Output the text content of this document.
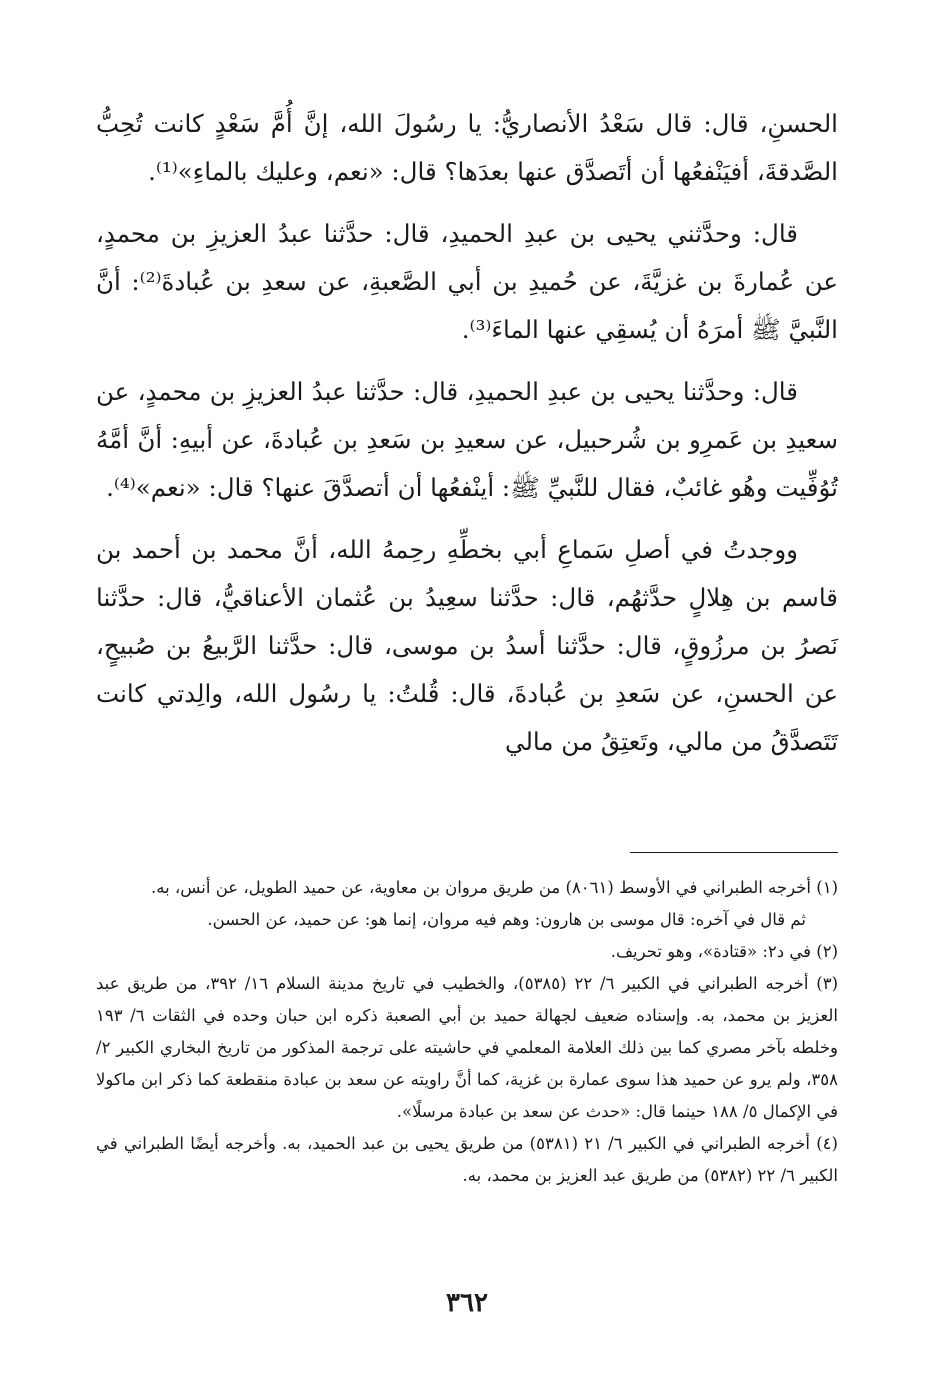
الحسنِ، قال: قال سَعْدُ الأنصاريُّ: يا رسُولَ الله، إنَّ أُمَّ سَعْدٍ كانت تُحِبُّ الصَّدقةَ، أفيَنْفعُها أن أتَصدَّق عنها بعدَها؟ قال: «نعم، وعليك بالماءِ»⁽¹⁾.

قال: وحدَّثني يحيى بن عبدِ الحميدِ، قال: حدَّثنا عبدُ العزيزِ بن محمدٍ، عن عُمارةَ بن غزيَّةَ، عن حُميدِ بن أبي الصَّعبةِ، عن سعدِ بن عُبادةَ⁽²⁾: أنَّ النَّبيَّ ﷺ أمرَهُ أن يُسقِي عنها الماءَ⁽³⁾.

قال: وحدَّثنا يحيى بن عبدِ الحميدِ، قال: حدَّثنا عبدُ العزيزِ بن محمدٍ، عن سعيدِ بن عَمرِو بن شُرحبيل، عن سعيدِ بن سَعدِ بن عُبادةَ، عن أبيهِ: أنَّ أمَّهُ تُوُفِّيت وهُو غائبٌ، فقال للنَّبيِّ ﷺ: أينْفعُها أن أتصدَّقَ عنها؟ قال: «نعم»⁽⁴⁾.

ووجدتُ في أصلِ سَماعِ أبي بخطِّهِ رحِمهُ الله، أنَّ محمد بن أحمد بن قاسم بن هِلالٍ حدَّثهُم، قال: حدَّثنا سعِيدُ بن عُثمان الأعناقيُّ، قال: حدَّثنا نَصرُ بن مرزُوقٍ، قال: حدَّثنا أسدُ بن موسى، قال: حدَّثنا الرَّبيعُ بن صُبيحٍ، عن الحسنِ، عن سَعدِ بن عُبادةَ، قال: قُلتُ: يا رسُول الله، والِدتي كانت تَتَصدَّقُ من مالي، وتَعتِقُ من مالي

(١) أخرجه الطبراني في الأوسط (٨٠٦١) من طريق مروان بن معاوية، عن حميد الطويل، عن أنس، به.

ثم قال في آخره: قال موسى بن هارون: وهم فيه مروان، إنما هو: عن حميد، عن الحسن.

(٢) في د٢: «قتادة»، وهو تحريف.

(٣) أخرجه الطبراني في الكبير ٦/ ٢٢ (٥٣٨٥)، والخطيب في تاريخ مدينة السلام ١٦/ ٣٩٢، من طريق عبد العزيز بن محمد، به. وإسناده ضعيف لجهالة حميد بن أبي الصعبة ذكره ابن حبان وحده في الثقات ٦/ ١٩٣ وخلطه بآخر مصري كما بين ذلك العلامة المعلمي في حاشيته على ترجمة المذكور من تاريخ البخاري الكبير ٢/ ٣٥٨، ولم يرو عن حميد هذا سوى عمارة بن غزية، كما أنَّ راويته عن سعد بن عبادة منقطعة كما ذكر ابن ماكولا في الإكمال ٥/ ١٨٨ حينما قال: «حدث عن سعد بن عبادة مرسلًا».

(٤) أخرجه الطبراني في الكبير ٦/ ٢١ (٥٣٨١) من طريق يحيى بن عبد الحميد، به. وأخرجه أيضًا الطبراني في الكبير ٦/ ٢٢ (٥٣٨٢) من طريق عبد العزيز بن محمد، به.

٣٦٢
